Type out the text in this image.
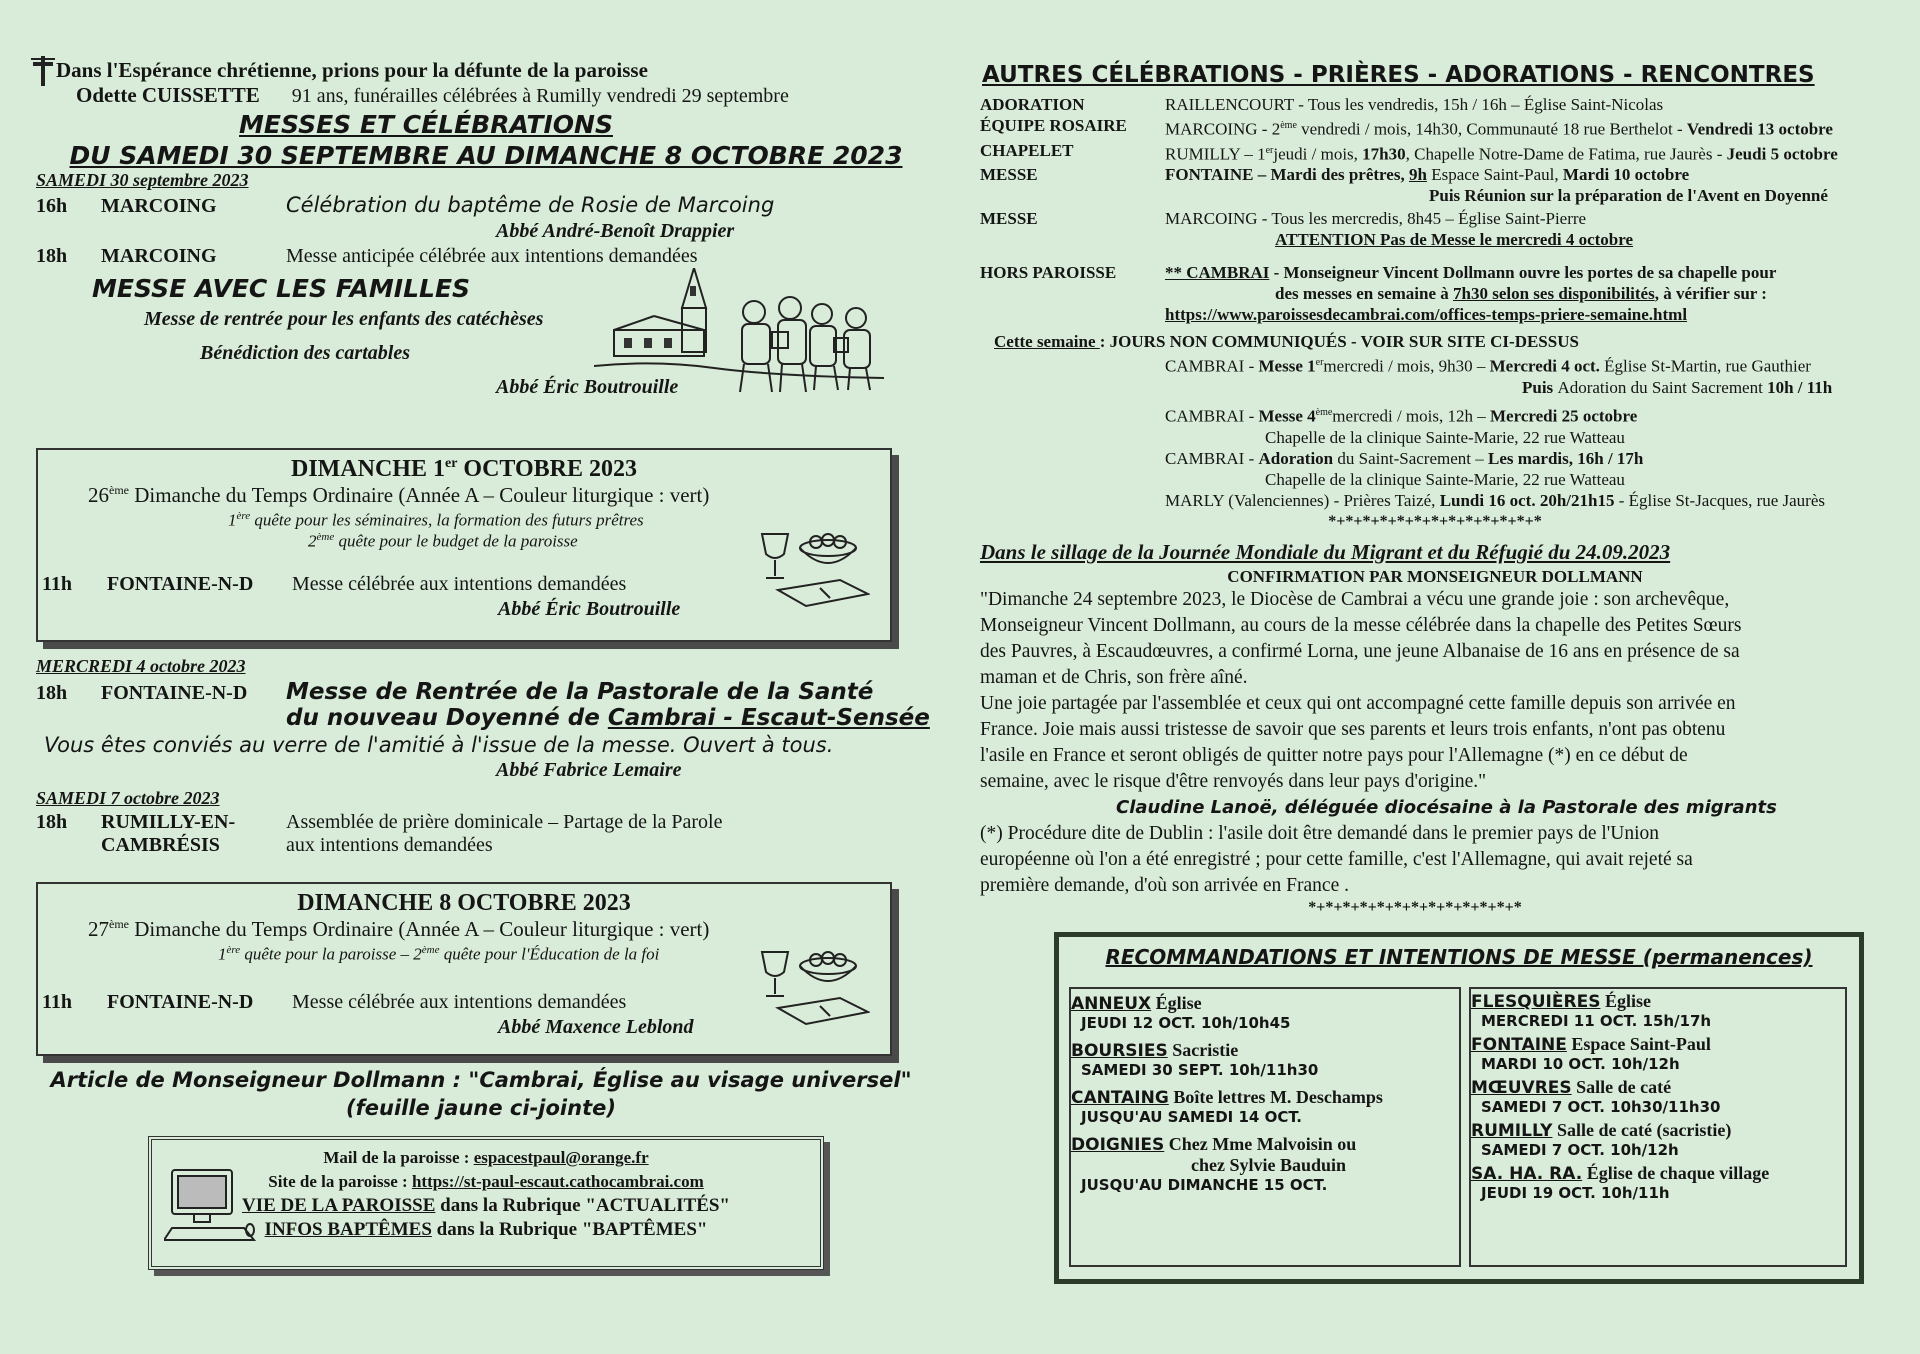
Dans l'Espérance chrétienne, prions pour la défunte de la paroisse
Odette CUISSETTE 91 ans, funérailles célébrées à Rumilly vendredi 29 septembre
MESSES ET CÉLÉBRATIONS
DU SAMEDI 30 SEPTEMBRE AU DIMANCHE 8 OCTOBRE 2023
SAMEDI 30 septembre 2023
16h	MARCOING	Célébration du baptême de Rosie de Marcoing
Abbé André-Benoît Drappier
18h	MARCOING	Messe anticipée célébrée aux intentions demandées
MESSE AVEC LES FAMILLES
Messe de rentrée pour les enfants des catéchèses
Bénédiction des cartables
Abbé Éric Boutrouille
DIMANCHE 1er OCTOBRE 2023
26ème Dimanche du Temps Ordinaire (Année A – Couleur liturgique : vert)
1ère quête pour les séminaires, la formation des futurs prêtres
2ème quête pour le budget de la paroisse
11h	FONTAINE-N-D	Messe célébrée aux intentions demandées
Abbé Éric Boutrouille
MERCREDI 4 octobre 2023
18h	FONTAINE-N-D	Messe de Rentrée de la Pastorale de la Santé
du nouveau Doyenné de Cambrai - Escaut-Sensée
Vous êtes conviés au verre de l'amitié à l'issue de la messe. Ouvert à tous.
Abbé Fabrice Lemaire
SAMEDI 7 octobre 2023
18h	RUMILLY-EN-	Assemblée de prière dominicale – Partage de la Parole
CAMBRÉSIS	aux intentions demandées
DIMANCHE 8 OCTOBRE 2023
27ème Dimanche du Temps Ordinaire (Année A – Couleur liturgique : vert)
1ère quête pour la paroisse – 2ème quête pour l'Éducation de la foi
11h	FONTAINE-N-D	Messe célébrée aux intentions demandées
Abbé Maxence Leblond
Article de Monseigneur Dollmann : "Cambrai, Église au visage universel"
(feuille jaune ci-jointe)
Mail de la paroisse : espacestpaul@orange.fr
Site de la paroisse : https://st-paul-escaut.cathocambrai.com
VIE DE LA PAROISSE dans la Rubrique "ACTUALITÉS"
INFOS BAPTÊMES dans la Rubrique "BAPTÊMES"
AUTRES CÉLÉBRATIONS - PRIÈRES - ADORATIONS - RENCONTRES
ADORATION	RAILLENCOURT - Tous les vendredis, 15h / 16h – Église Saint-Nicolas
ÉQUIPE ROSAIRE	MARCOING - 2ème vendredi / mois, 14h30, Communauté 18 rue Berthelot - Vendredi 13 octobre
CHAPELET	RUMILLY – 1erjeudi / mois, 17h30, Chapelle Notre-Dame de Fatima, rue Jaurès - Jeudi 5 octobre
MESSE	FONTAINE – Mardi des prêtres, 9h Espace Saint-Paul, Mardi 10 octobre
Puis Réunion sur la préparation de l'Avent en Doyenné
MESSE	MARCOING - Tous les mercredis, 8h45 – Église Saint-Pierre
ATTENTION Pas de Messe le mercredi 4 octobre
HORS PAROISSE	** CAMBRAI - Monseigneur Vincent Dollmann ouvre les portes de sa chapelle pour
des messes en semaine à 7h30 selon ses disponibilités, à vérifier sur :
https://www.paroissesdecambrai.com/offices-temps-priere-semaine.html
Cette semaine : JOURS NON COMMUNIQUÉS - VOIR SUR SITE CI-DESSUS
CAMBRAI - Messe 1ermercredi / mois, 9h30 – Mercredi 4 oct. Église St-Martin, rue Gauthier
Puis Adoration du Saint Sacrement 10h / 11h
CAMBRAI - Messe 4èmemercredi / mois, 12h – Mercredi 25 octobre
Chapelle de la clinique Sainte-Marie, 22 rue Watteau
CAMBRAI - Adoration du Saint-Sacrement – Les mardis, 16h / 17h
Chapelle de la clinique Sainte-Marie, 22 rue Watteau
MARLY (Valenciennes) - Prières Taizé, Lundi 16 oct. 20h/21h15 - Église St-Jacques, rue Jaurès
*+*+*+*+*+*+*+*+*+*+*+*+*
Dans le sillage de la Journée Mondiale du Migrant et du Réfugié du 24.09.2023
CONFIRMATION PAR MONSEIGNEUR DOLLMANN
"Dimanche 24 septembre 2023, le Diocèse de Cambrai a vécu une grande joie : son archevêque,
Monseigneur Vincent Dollmann, au cours de la messe célébrée dans la chapelle des Petites Sœurs
des Pauvres, à Escaudœuvres, a confirmé Lorna, une jeune Albanaise de 16 ans en présence de sa
maman et de Chris, son frère aîné.
Une joie partagée par l'assemblée et ceux qui ont accompagné cette famille depuis son arrivée en
France. Joie mais aussi tristesse de savoir que ses parents et leurs trois enfants, n'ont pas obtenu
l'asile en France et seront obligés de quitter notre pays pour l'Allemagne (*) en ce début de
semaine, avec le risque d'être renvoyés dans leur pays d'origine."
Claudine Lanoë, déléguée diocésaine à la Pastorale des migrants
(*) Procédure dite de Dublin : l'asile doit être demandé dans le premier pays de l'Union
européenne où l'on a été enregistré ; pour cette famille, c'est l'Allemagne, qui avait rejeté sa
première demande, d'où son arrivée en France .
*+*+*+*+*+*+*+*+*+*+*+*+*
RECOMMANDATIONS ET INTENTIONS DE MESSE (permanences)
ANNEUX Église
JEUDI 12 OCT. 10h/10h45
BOURSIES Sacristie
SAMEDI 30 SEPT. 10h/11h30
CANTAING Boîte lettres M. Deschamps
JUSQU'AU SAMEDI 14 OCT.
DOIGNIES Chez Mme Malvoisin ou
chez Sylvie Bauduin
JUSQU'AU DIMANCHE 15 OCT.
FLESQUIÈRES Église
MERCREDI 11 OCT. 15h/17h
FONTAINE Espace Saint-Paul
MARDI 10 OCT. 10h/12h
MŒUVRES Salle de caté
SAMEDI 7 OCT. 10h30/11h30
RUMILLY Salle de caté (sacristie)
SAMEDI 7 OCT. 10h/12h
SA. HA. RA. Église de chaque village
JEUDI 19 OCT. 10h/11h
